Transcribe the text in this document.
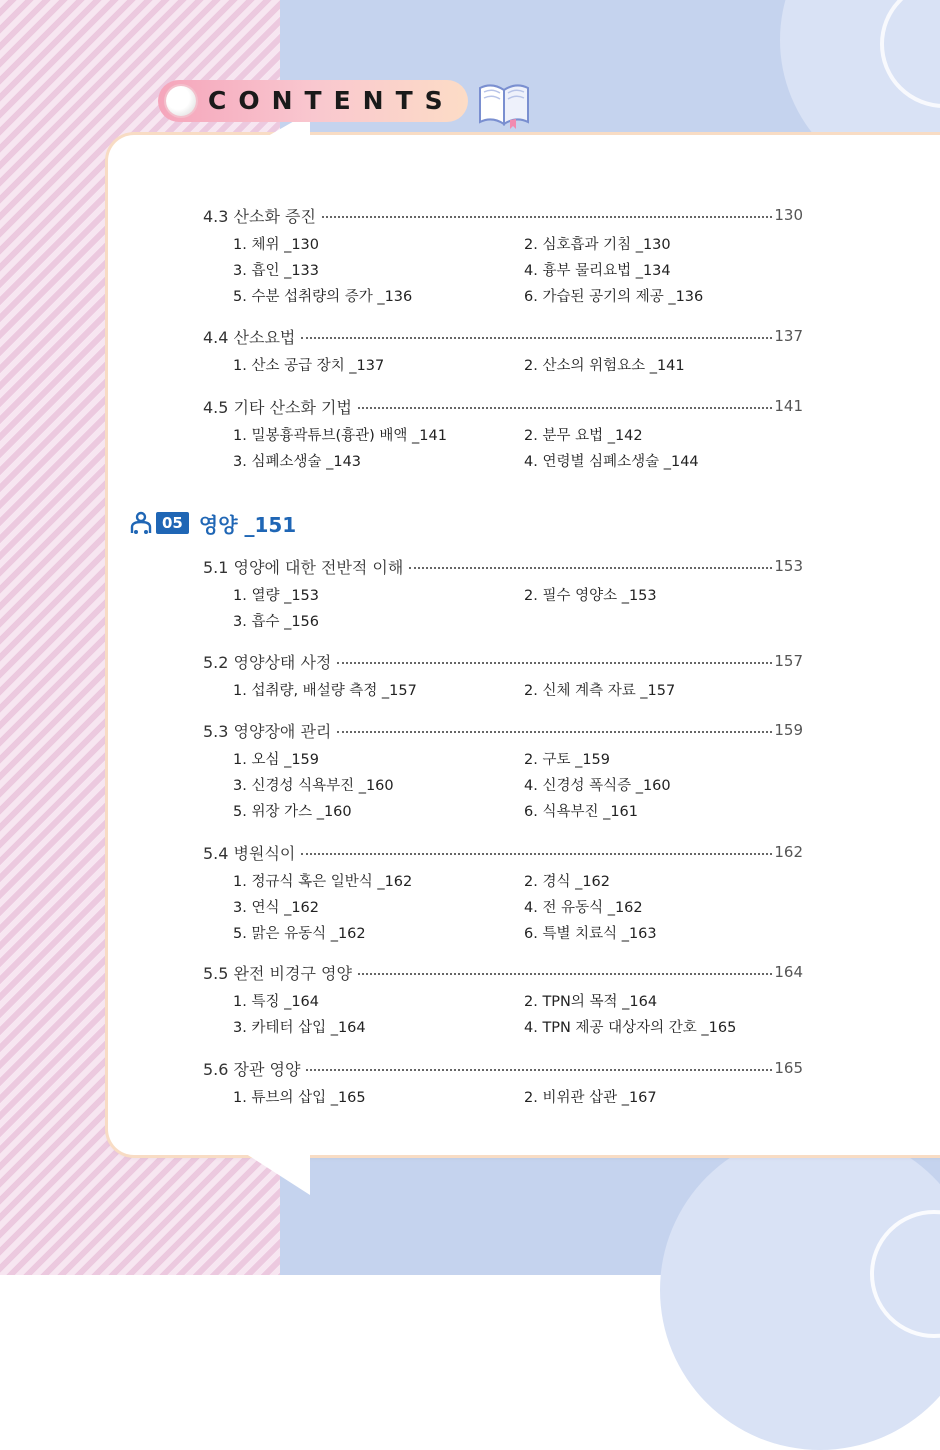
CONTENTS
4.3 산소화 증진	130
1. 체위 _130	2. 심호흡과 기침 _130
3. 흡인 _133	4. 흉부 물리요법 _134
5. 수분 섭취량의 증가 _136	6. 가습된 공기의 제공 _136
4.4 산소요법	137
1. 산소 공급 장치 _137	2. 산소의 위험요소 _141
4.5 기타 산소화 기법	141
1. 밀봉흉곽튜브(흉관) 배액 _141	2. 분무 요법 _142
3. 심폐소생술 _143	4. 연령별 심폐소생술 _144
5.1 영양에 대한 전반적 이해	153
1. 열량 _153	2. 필수 영양소 _153
3. 흡수 _156
5.2 영양상태 사정	157
1. 섭취량, 배설량 측정 _157	2. 신체 계측 자료 _157
5.3 영양장애 관리	159
1. 오심 _159	2. 구토 _159
3. 신경성 식욕부진 _160	4. 신경성 폭식증 _160
5. 위장 가스 _160	6. 식욕부진 _161
5.4 병원식이	162
1. 정규식 혹은 일반식 _162	2. 경식 _162
3. 연식 _162	4. 전 유동식 _162
5. 맑은 유동식 _162	6. 특별 치료식 _163
5.5 완전 비경구 영양	164
1. 특징 _164	2. TPN의 목적 _164
3. 카테터 삽입 _164	4. TPN 제공 대상자의 간호 _165
5.6 장관 영양	165
1. 튜브의 삽입 _165	2. 비위관 삽관 _167
05 영양 _151
